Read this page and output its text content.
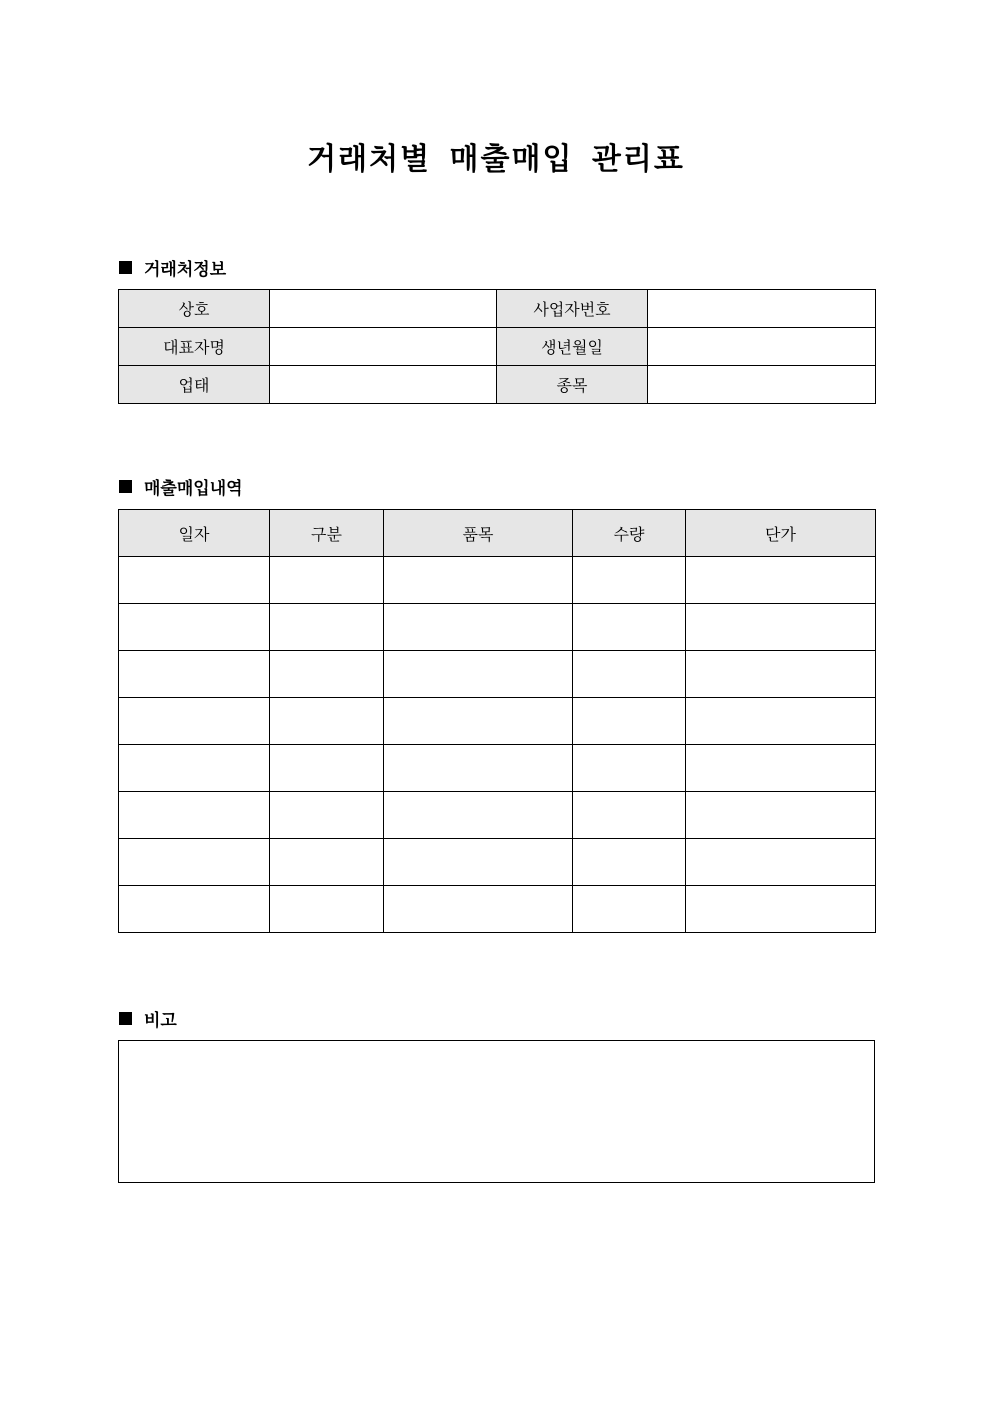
거래처별 매출매입 관리표
거래처정보
상호		사업자번호	
대표자명		생년월일	
업태		종목	
매출매입내역
일자	구분	품목	수량	단가

비고
